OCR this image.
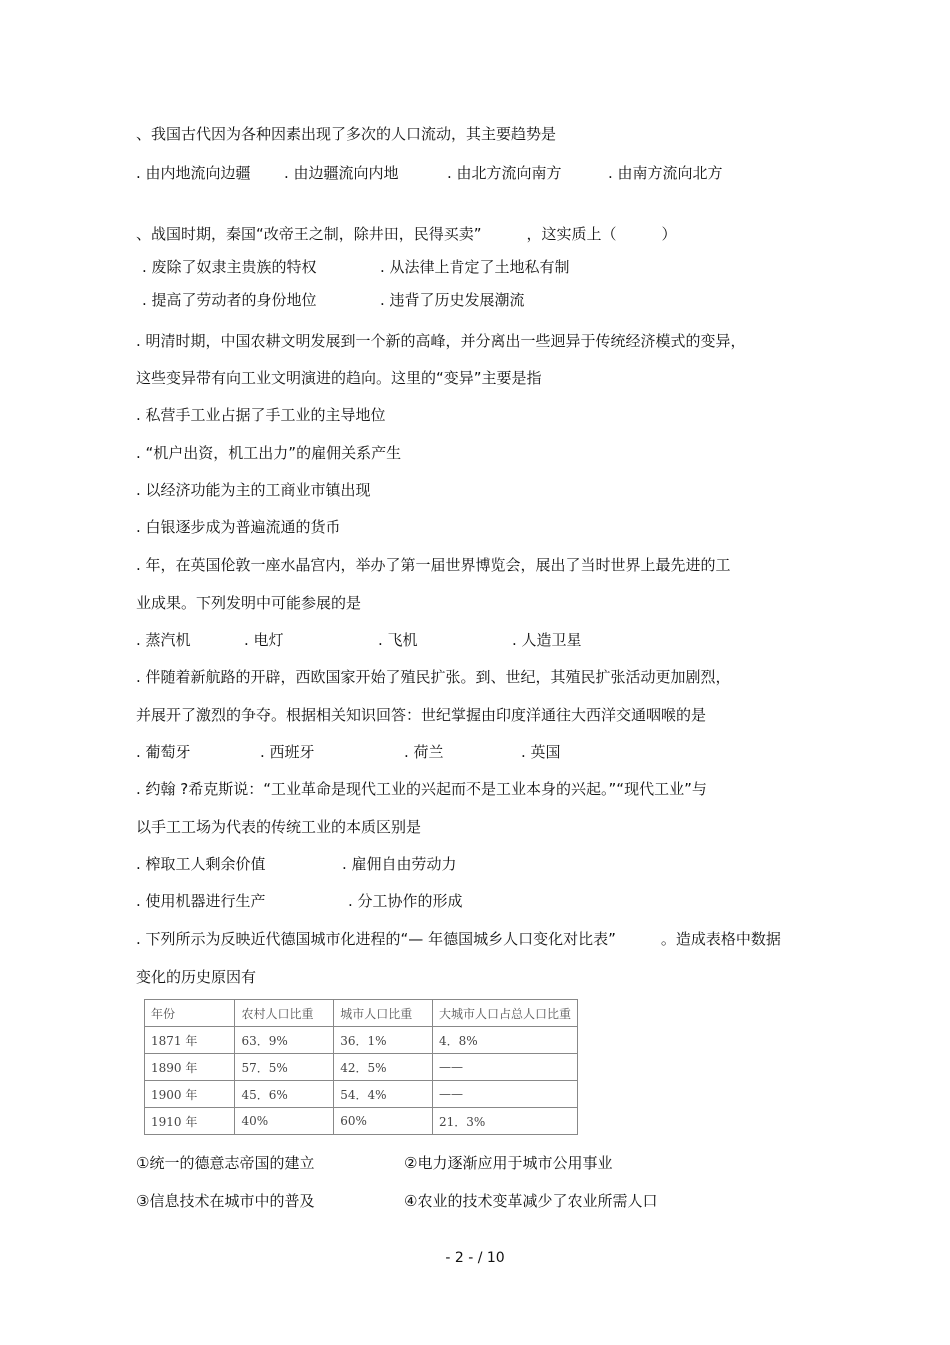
、我国古代因为各种因素出现了多次的人口流动，其主要趋势是
. 由内地流向边疆 . 由边疆流向内地	. 由北方流向南方	. 由南方流向北方
、战国时期，秦国“改帝王之制，除井田，民得买卖”　　　，这实质上（　　　）
. 废除了奴隶主贵族的特权	. 从法律上肯定了土地私有制
. 提高了劳动者的身份地位	. 违背了历史发展潮流
. 明清时期，中国农耕文明发展到一个新的高峰，并分离出一些迥异于传统经济模式的变异，
这些变异带有向工业文明演进的趋向。这里的“变异”主要是指
. 私营手工业占据了手工业的主导地位
. “机户出资，机工出力”的雇佣关系产生
. 以经济功能为主的工商业市镇出现
. 白银逐步成为普遍流通的货币
. 年，在英国伦敦一座水晶宫内，举办了第一届世界博览会，展出了当时世界上最先进的工
业成果。下列发明中可能参展的是
. 蒸汽机	. 电灯	. 飞机	. 人造卫星
. 伴随着新航路的开辟，西欧国家开始了殖民扩张。到、世纪，其殖民扩张活动更加剧烈，
并展开了激烈的争夺。根据相关知识回答：世纪掌握由印度洋通往大西洋交通咽喉的是
. 葡萄牙	. 西班牙	. 荷兰	. 英国
. 约翰 ?希克斯说：“工业革命是现代工业的兴起而不是工业本身的兴起。”“现代工业”与
以手工工场为代表的传统工业的本质区别是
. 榨取工人剩余价值	. 雇佣自由劳动力
. 使用机器进行生产	. 分工协作的形成
. 下列所示为反映近代德国城市化进程的“— 年德国城乡人口变化对比表”　　　。造成表格中数据
变化的历史原因有
年份	农村人口比重	城市人口比重	大城市人口占总人口比重
1871 年	63．9%	36．1%	4．8%
1890 年	57．5%	42．5%	——
1900 年	45．6%	54．4%	——
1910 年	40%	60%	21．3%
①统一的德意志帝国的建立	②电力逐渐应用于城市公用事业
③信息技术在城市中的普及	④农业的技术变革减少了农业所需人口
- 2 - / 10
